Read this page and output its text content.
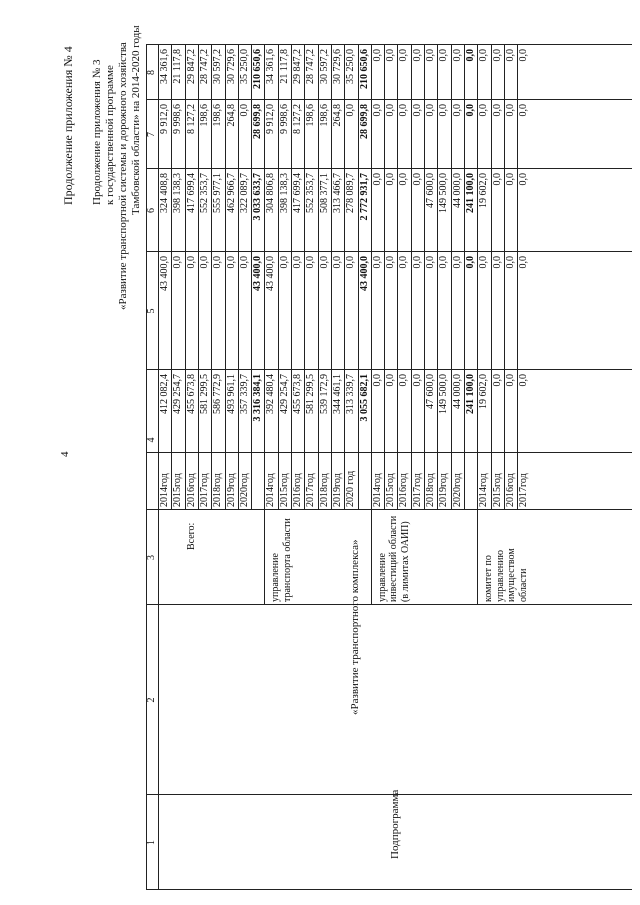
4
Продолжение приложения № 4 Продолжение приложения № 3 к государственной программе «Развитие транспортной системы и дорожного хозяйства Тамбовской области» на 2014-2020 годы
1
2
3
4
5
6
7
8
Подпрограмма
«Развитие транспортного комплекса»
Всего:
2014год
412 082,4
43 400,0
324 408,8
9 912,0
34 361,6
2015год
429 254,7
0,0
398 138,3
9 998,6
21 117,8
2016год
455 673,8
0,0
417 699,4
8 127,2
29 847,2
2017год
581 299,5
0,0
552 353,7
198,6
28 747,2
2018год
586 772,9
0,0
555 977,1
198,6
30 597,2
2019год
493 961,1
0,0
462 966,7
264,8
30 729,6
2020год
357 339,7
0,0
322 089,7
0,0
35 250,0
3 316 384,1
43 400,0
3 033 633,7
28 699,8
210 650,6
управление транспорта области
2014год
392 480,4
43 400,0
304 806,8
9 912,0
34 361,6
2015год
429 254,7
0,0
398 138,3
9 998,6
21 117,8
2016год
455 673,8
0,0
417 699,4
8 127,2
29 847,2
2017год
581 299,5
0,0
552 353,7
198,6
28 747,2
2018год
539 172,9
0,0
508 377,1
198,6
30 597,2
2019год
344 461,1
0,0
313 466,7
264,8
30 729,6
2020 год
313 339,7
0,0
278 089,7
0,0
35 250,0
3 055 682,1
43 400,0
2 772 931,7
28 699,8
210 650,6
управление инвестиций области (в лимитах ОАИП)
2014год
0,0
0,0
0,0
0,0
0,0
2015год
0,0
0,0
0,0
0,0
0,0
2016год
0,0
0,0
0,0
0,0
0,0
2017год
0,0
0,0
0,0
0,0
0,0
2018год
47 600,0
0,0
47 600,0
0,0
0,0
2019год
149 500,0
0,0
149 500,0
0,0
0,0
2020год
44 000,0
0,0
44 000,0
0,0
0,0
241 100,0
0,0
241 100,0
0,0
0,0
комитет по управлению имуществом области
2014год
19 602,0
0,0
19 602,0
0,0
0,0
2015год
0,0
0,0
0,0
0,0
0,0
2016год
0,0
0,0
0,0
0,0
0,0
2017год
0,0
0,0
0,0
0,0
0,0
